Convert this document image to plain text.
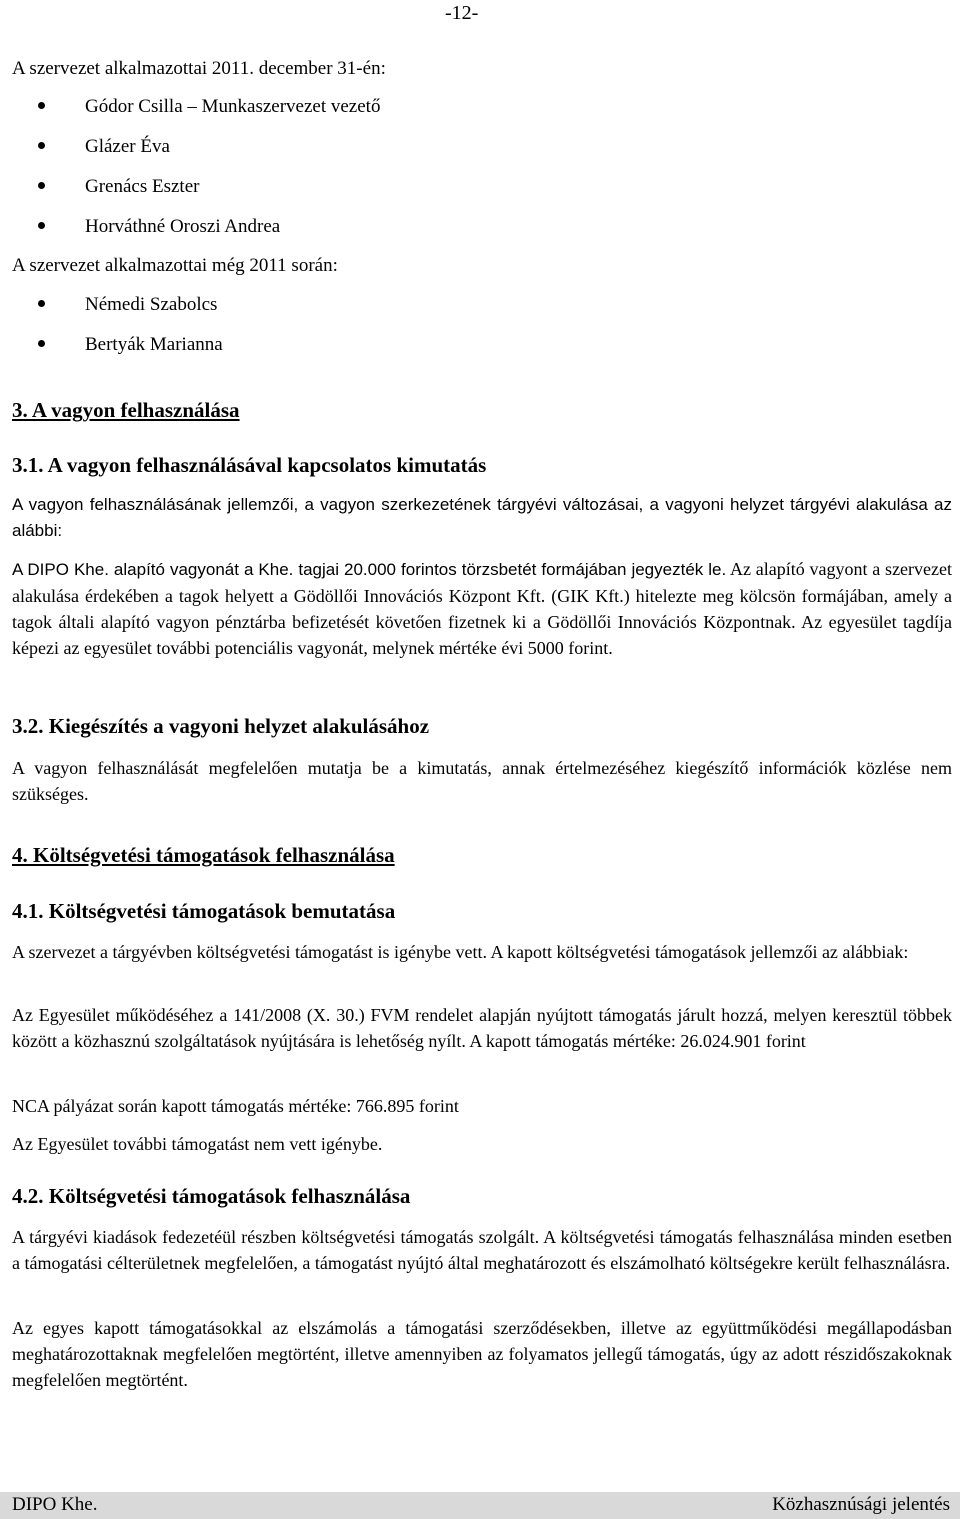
-12-
A szervezet alkalmazottai 2011. december 31-én:
Gódor Csilla – Munkaszervezet vezető
Glázer Éva
Grenács Eszter
Horváthné Oroszi Andrea
A szervezet alkalmazottai még 2011 során:
Némedi Szabolcs
Bertyák Marianna
3. A vagyon felhasználása
3.1. A vagyon felhasználásával kapcsolatos kimutatás
A vagyon felhasználásának jellemzői, a vagyon szerkezetének tárgyévi változásai, a vagyoni helyzet tárgyévi alakulása az alábbi:
A DIPO Khe. alapító vagyonát a Khe. tagjai 20.000 forintos törzsbetét formájában jegyezték le. Az alapító vagyont a szervezet alakulása érdekében a tagok helyett a Gödöllői Innovációs Központ Kft. (GIK Kft.) hitelezte meg kölcsön formájában, amely a tagok általi alapító vagyon pénztárba befizetését követően fizetnek ki a Gödöllői Innovációs Központnak. Az egyesület tagdíja képezi az egyesület további potenciális vagyonát, melynek mértéke évi 5000 forint.
3.2. Kiegészítés a vagyoni helyzet alakulásához
A vagyon felhasználását megfelelően mutatja be a kimutatás, annak értelmezéséhez kiegészítő információk közlése nem szükséges.
4. Költségvetési támogatások felhasználása
4.1. Költségvetési támogatások bemutatása
A szervezet a tárgyévben költségvetési támogatást is igénybe vett. A kapott költségvetési támogatások jellemzői az alábbiak:
Az Egyesület működéséhez a 141/2008 (X. 30.) FVM rendelet alapján nyújtott támogatás járult hozzá, melyen keresztül többek között a közhasznú szolgáltatások nyújtására is lehetőség nyílt. A kapott támogatás mértéke: 26.024.901 forint
NCA pályázat során kapott támogatás mértéke: 766.895 forint
Az Egyesület további támogatást nem vett igénybe.
4.2. Költségvetési támogatások felhasználása
A tárgyévi kiadások fedezetéül részben költségvetési támogatás szolgált. A költségvetési támogatás felhasználása minden esetben a támogatási célterületnek megfelelően, a támogatást nyújtó által meghatározott és elszámolható költségekre került felhasználásra.
Az egyes kapott támogatásokkal az elszámolás a támogatási szerződésekben, illetve az együttműködési megállapodásban meghatározottaknak megfelelően megtörtént, illetve amennyiben az folyamatos jellegű támogatás, úgy az adott részidőszakoknak megfelelően megtörtént.
DIPO Khe.	Közhasznúsági jelentés
